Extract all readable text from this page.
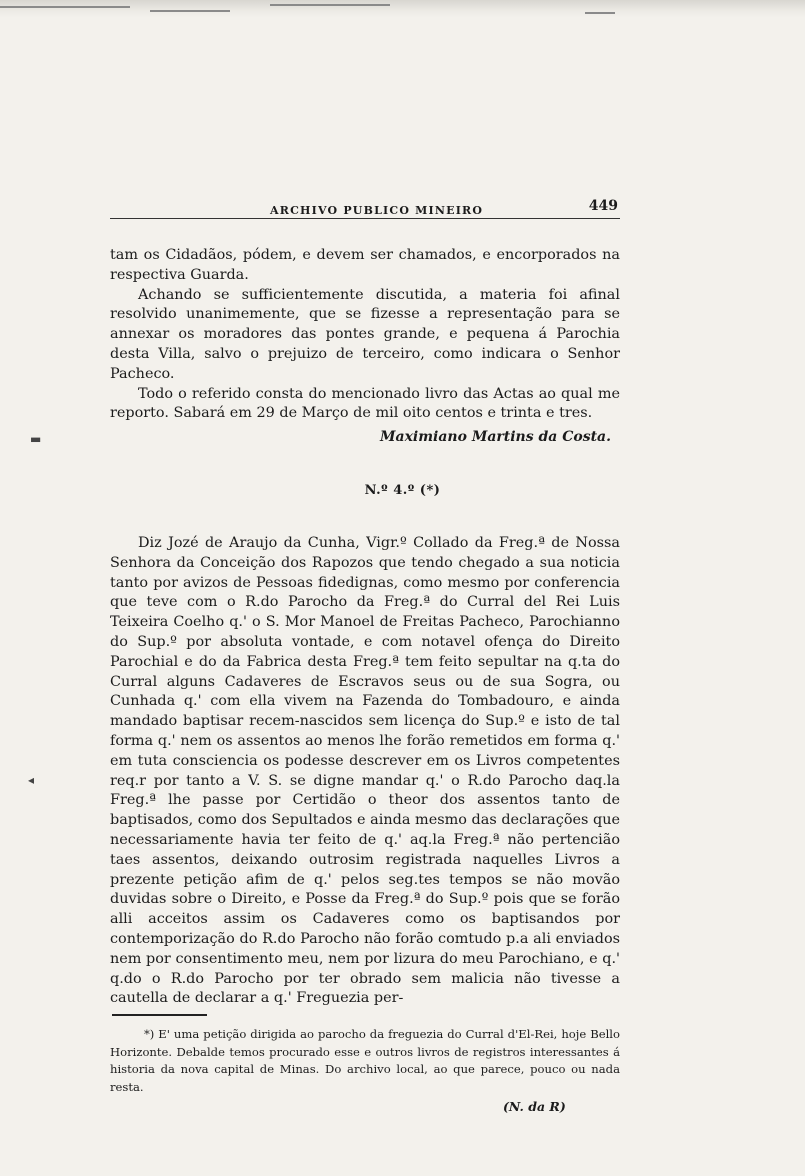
ARCHIVO PUBLICO MINEIRO	449

tam os Cidadãos, pódem, e devem ser chamados, e encorporados na respectiva Guarda.

Achando se sufficientemente discutida, a materia foi afinal resolvido unanimemente, que se fizesse a representação para se annexar os moradores das pontes grande, e pequena á Parochia desta Villa, salvo o prejuizo de terceiro, como indicara o Senhor Pacheco.

Todo o referido consta do mencionado livro das Actas ao qual me reporto. Sabará em 29 de Março de mil oito centos e trinta e tres.

Maximiano Martins da Costa.
N.º 4.º (*)

Diz Jozé de Araujo da Cunha, Vigr.º Collado da Freg.ª de Nossa Senhora da Conceição dos Rapozos que tendo chegado a sua noticia tanto por avizos de Pessoas fidedignas, como mesmo por conferencia que teve com o R.do Parocho da Freg.ª do Curral del Rei Luis Teixeira Coelho q.' o S. Mor Manoel de Freitas Pacheco, Parochianno do Sup.º por absoluta vontade, e com notavel ofença do Direito Parochial e do da Fabrica desta Freg.ª tem feito sepultar na q.ta do Curral alguns Cadaveres de Escravos seus ou de sua Sogra, ou Cunhada q.' com ella vivem na Fazenda do Tombadouro, e ainda mandado baptisar recem-nascidos sem licença do Sup.º e isto de tal forma q.' nem os assentos ao menos lhe forão remetidos em forma q.' em tuta consciencia os podesse descrever em os Livros competentes req.r por tanto a V. S. se digne mandar q.' o R.do Parocho daq.la Freg.ª lhe passe por Certidão o theor dos assentos tanto de baptisados, como dos Sepultados e ainda mesmo das declarações que necessariamente havia ter feito de q.' aq.la Freg.ª não pertencião taes assentos, deixando outrosim registrada naquelles Livros a prezente petição afim de q.' pelos seg.tes tempos se não movão duvidas sobre o Direito, e Posse da Freg.ª do Sup.º pois que se forão alli acceitos assim os Cadaveres como os baptisandos por contemporização do R.do Parocho não forão comtudo p.a ali enviados nem por consentimento meu, nem por lizura do meu Parochiano, e q.' q.do o R.do Parocho por ter obrado sem malicia não tivesse a cautella de declarar a q.' Freguezia per-

*) E' uma petição dirigida ao parocho da freguezia do Curral d'El-Rei, hoje Bello Horizonte. Debalde temos procurado esse e outros livros de registros interessantes á historia da nova capital de Minas. Do archivo local, ao que parece, pouco ou nada resta.

(N. da R)
▬
◂
